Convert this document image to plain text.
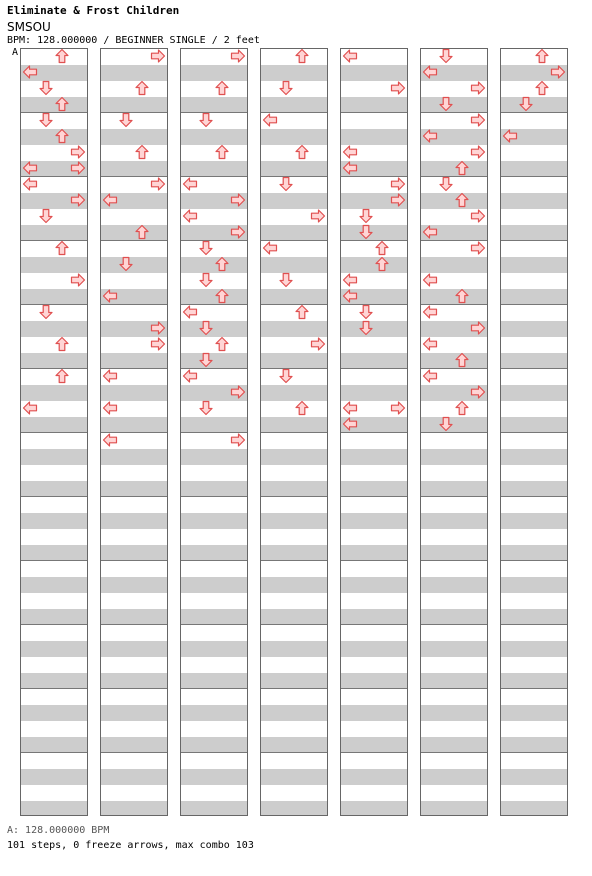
Eliminate & Frost Children
SMSOU
BPM: 128.000000 / BEGINNER SINGLE / 2 feet
A
A: 128.000000 BPM
101 steps, 0 freeze arrows, max combo 103
